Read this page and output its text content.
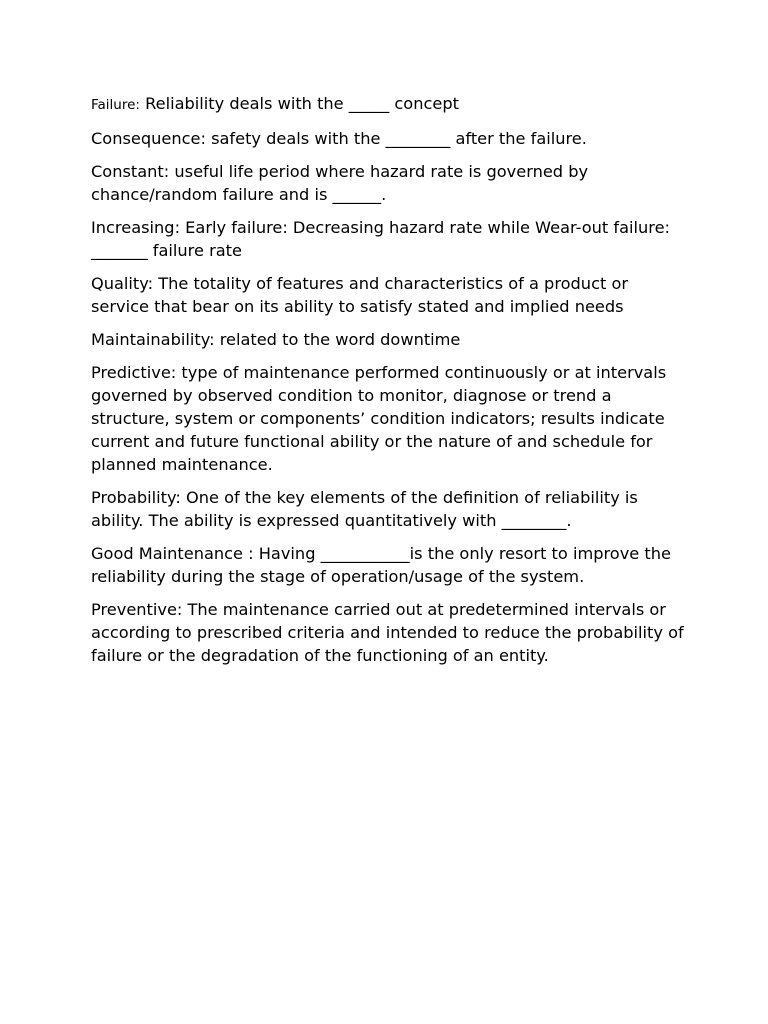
Failure: Reliability deals with the _____ concept

Consequence: safety deals with the ________ after the failure.

Constant: useful life period where hazard rate is governed by chance/random failure and is ______.

Increasing: Early failure: Decreasing hazard rate while Wear-out failure: _______ failure rate

Quality: The totality of features and characteristics of a product or service that bear on its ability to satisfy stated and implied needs

Maintainability: related to the word downtime

Predictive: type of maintenance performed continuously or at intervals governed by observed condition to monitor, diagnose or trend a structure, system or components’ condition indicators; results indicate current and future functional ability or the nature of and schedule for planned maintenance.

Probability: One of the key elements of the definition of reliability is ability. The ability is expressed quantitatively with ________.

Good Maintenance : Having ___________is the only resort to improve the reliability during the stage of operation/usage of the system.

Preventive: The maintenance carried out at predetermined intervals or according to prescribed criteria and intended to reduce the probability of failure or the degradation of the functioning of an entity.
